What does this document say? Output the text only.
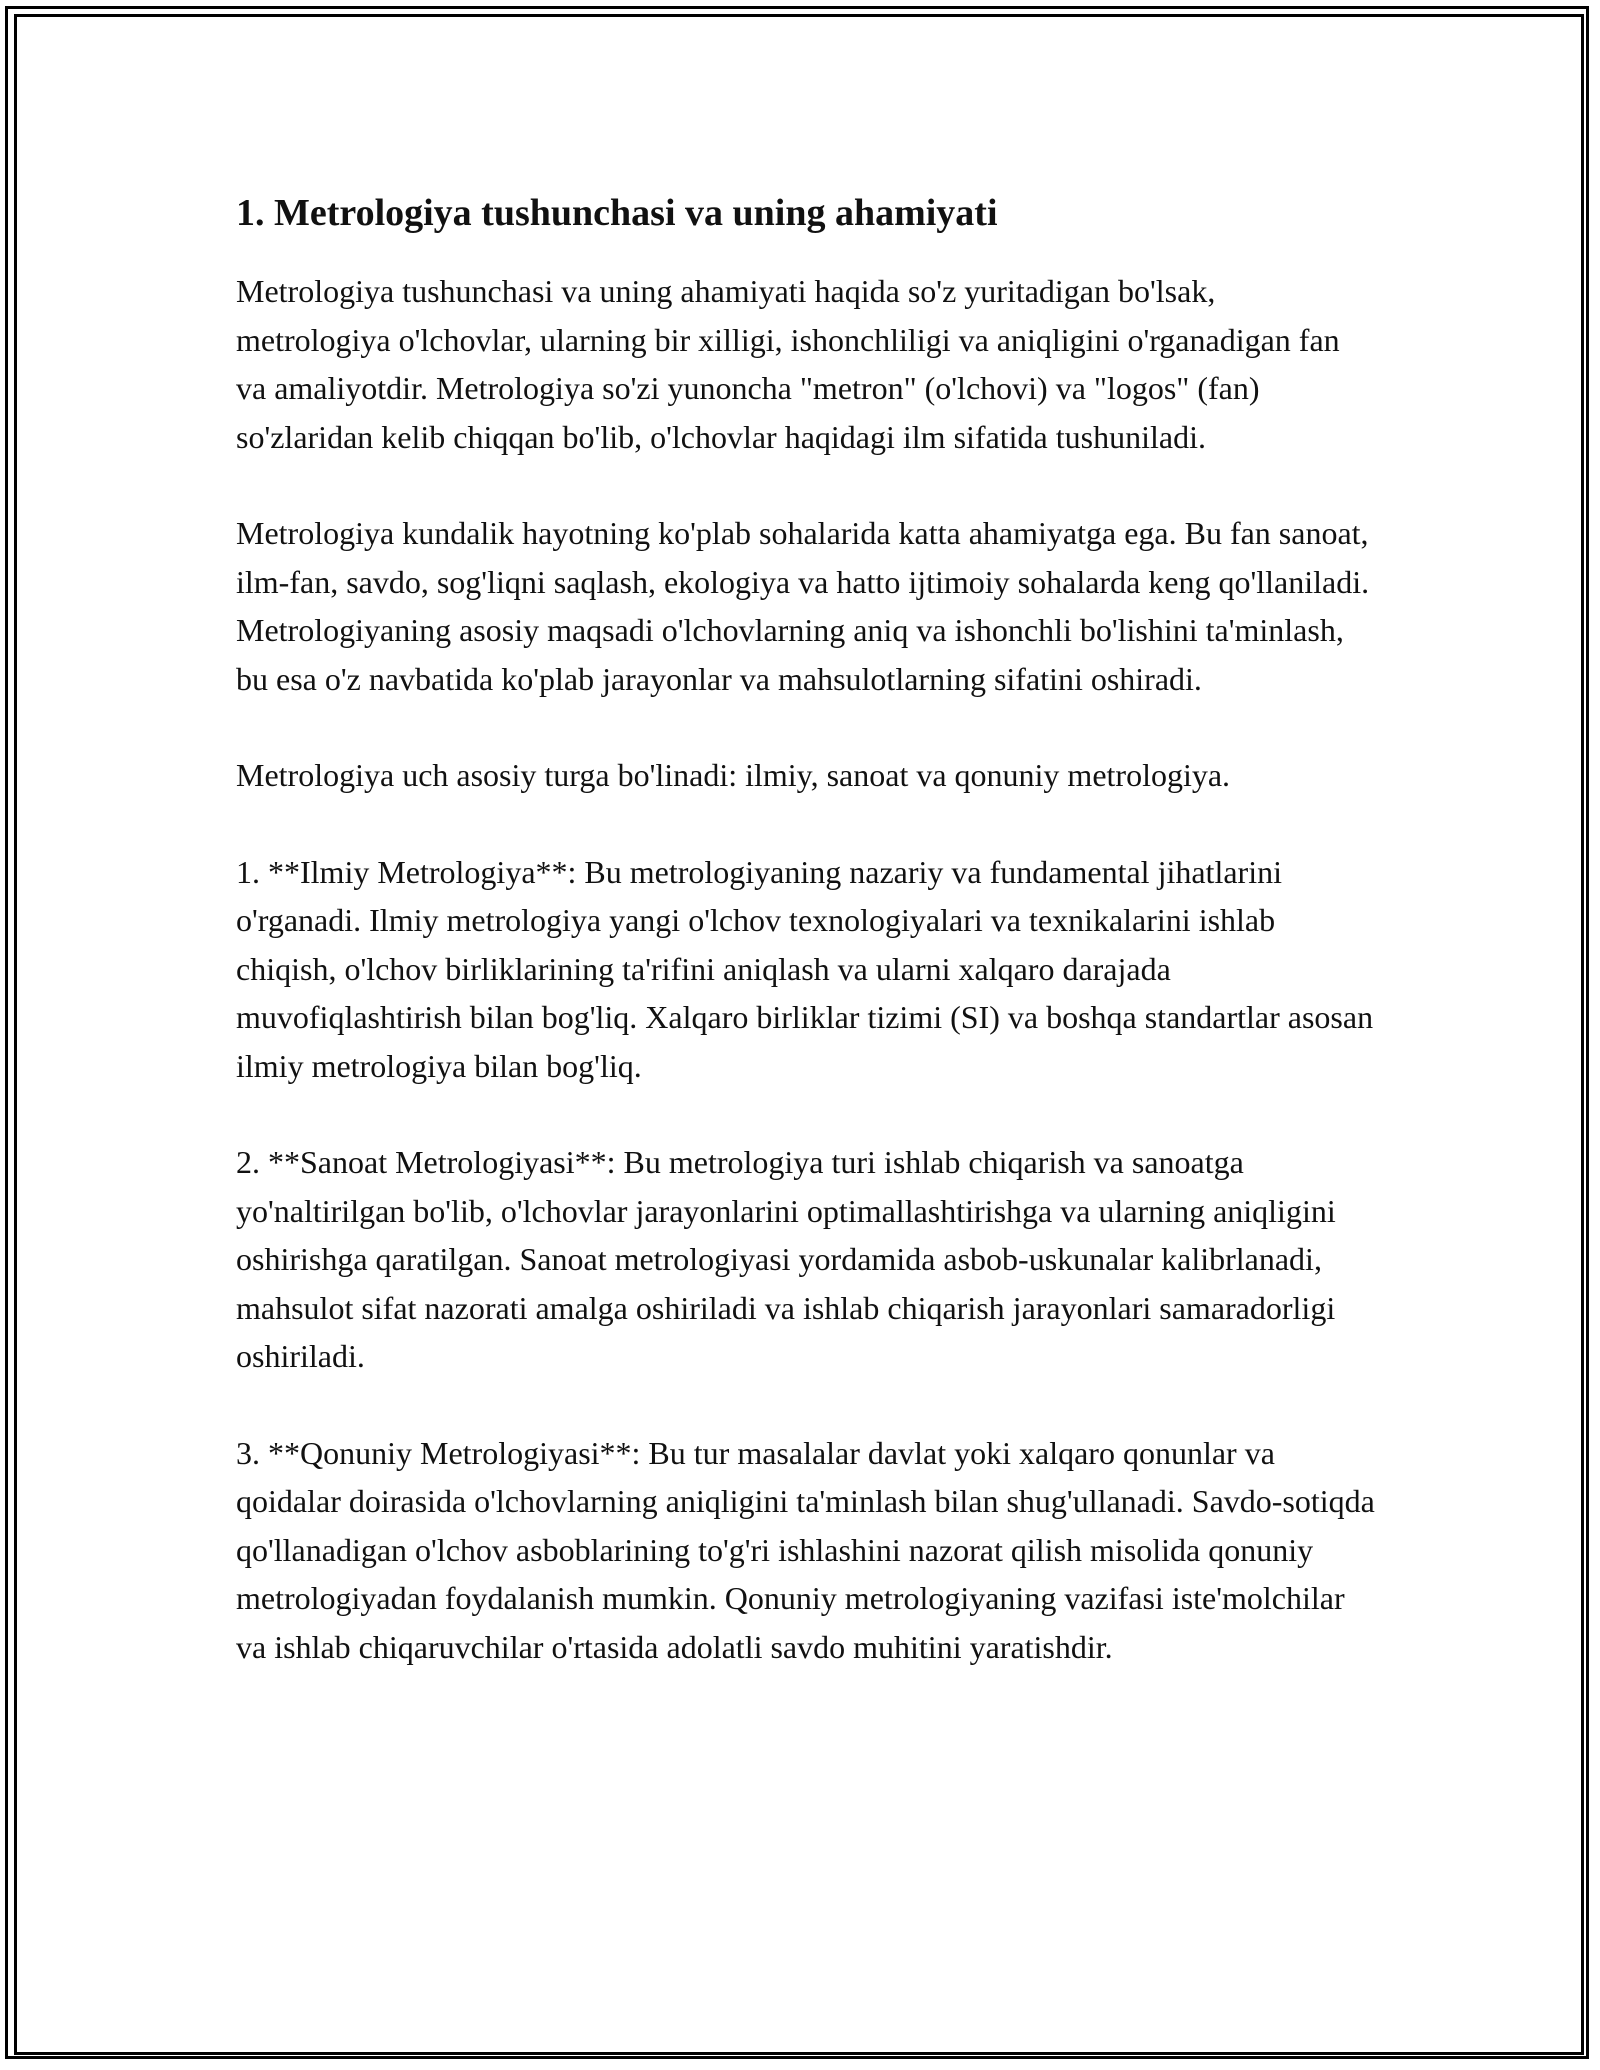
1. Metrologiya tushunchasi va uning ahamiyati

Metrologiya tushunchasi va uning ahamiyati haqida so'z yuritadigan bo'lsak, metrologiya o'lchovlar, ularning bir xilligi, ishonchliligi va aniqligini o'rganadigan fan va amaliyotdir. Metrologiya so'zi yunoncha "metron" (o'lchovi) va "logos" (fan) so'zlaridan kelib chiqqan bo'lib, o'lchovlar haqidagi ilm sifatida tushuniladi.

Metrologiya kundalik hayotning ko'plab sohalarida katta ahamiyatga ega. Bu fan sanoat, ilm-fan, savdo, sog'liqni saqlash, ekologiya va hatto ijtimoiy sohalarda keng qo'llaniladi. Metrologiyaning asosiy maqsadi o'lchovlarning aniq va ishonchli bo'lishini ta'minlash, bu esa o'z navbatida ko'plab jarayonlar va mahsulotlarning sifatini oshiradi.

Metrologiya uch asosiy turga bo'linadi: ilmiy, sanoat va qonuniy metrologiya.

1. **Ilmiy Metrologiya**: Bu metrologiyaning nazariy va fundamental jihatlarini o'rganadi. Ilmiy metrologiya yangi o'lchov texnologiyalari va texnikalarini ishlab chiqish, o'lchov birliklarining ta'rifini aniqlash va ularni xalqaro darajada muvofiqlashtirish bilan bog'liq. Xalqaro birliklar tizimi (SI) va boshqa standartlar asosan ilmiy metrologiya bilan bog'liq.

2. **Sanoat Metrologiyasi**: Bu metrologiya turi ishlab chiqarish va sanoatga yo'naltirilgan bo'lib, o'lchovlar jarayonlarini optimallashtirishga va ularning aniqligini oshirishga qaratilgan. Sanoat metrologiyasi yordamida asbob-uskunalar kalibrlanadi, mahsulot sifat nazorati amalga oshiriladi va ishlab chiqarish jarayonlari samaradorligi oshiriladi.

3. **Qonuniy Metrologiyasi**: Bu tur masalalar davlat yoki xalqaro qonunlar va qoidalar doirasida o'lchovlarning aniqligini ta'minlash bilan shug'ullanadi. Savdo-sotiqda qo'llanadigan o'lchov asboblarining to'g'ri ishlashini nazorat qilish misolida qonuniy metrologiyadan foydalanish mumkin. Qonuniy metrologiyaning vazifasi iste'molchilar va ishlab chiqaruvchilar o'rtasida adolatli savdo muhitini yaratishdir.
